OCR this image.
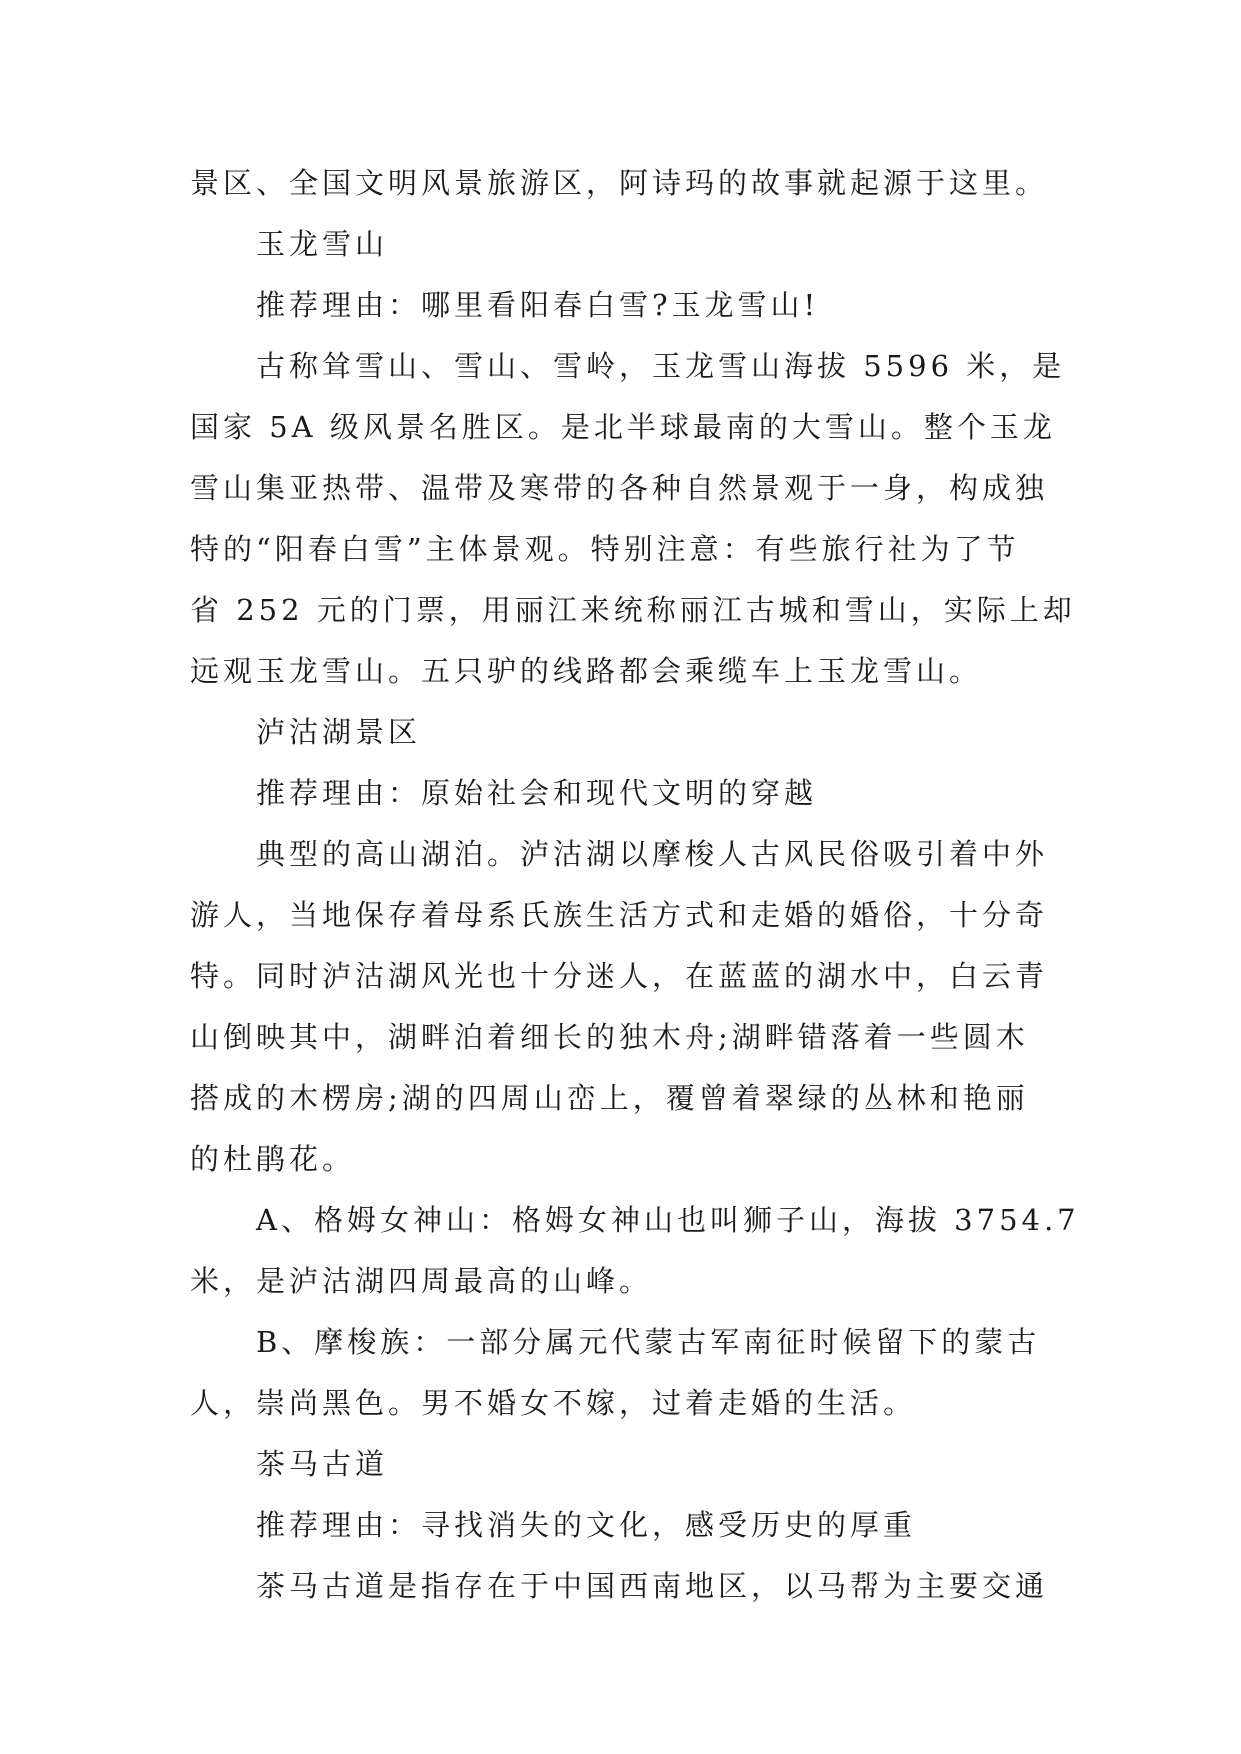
景区、全国文明风景旅游区，阿诗玛的故事就起源于这里。

玉龙雪山

推荐理由：哪里看阳春白雪?玉龙雪山!

古称耸雪山、雪山、雪岭，玉龙雪山海拔 5596 米，是

国家 5A 级风景名胜区。是北半球最南的大雪山。整个玉龙

雪山集亚热带、温带及寒带的各种自然景观于一身，构成独

特的“阳春白雪”主体景观。特别注意：有些旅行社为了节

省 252 元的门票，用丽江来统称丽江古城和雪山，实际上却

远观玉龙雪山。五只驴的线路都会乘缆车上玉龙雪山。

泸沽湖景区

推荐理由：原始社会和现代文明的穿越

典型的高山湖泊。泸沽湖以摩梭人古风民俗吸引着中外

游人，当地保存着母系氏族生活方式和走婚的婚俗，十分奇

特。同时泸沽湖风光也十分迷人，在蓝蓝的湖水中，白云青

山倒映其中，湖畔泊着细长的独木舟;湖畔错落着一些圆木

搭成的木楞房;湖的四周山峦上，覆曾着翠绿的丛林和艳丽

的杜鹃花。

A、格姆女神山：格姆女神山也叫狮子山，海拔 3754.7

米，是泸沽湖四周最高的山峰。

B、摩梭族：一部分属元代蒙古军南征时候留下的蒙古

人，崇尚黑色。男不婚女不嫁，过着走婚的生活。

茶马古道

推荐理由：寻找消失的文化，感受历史的厚重

茶马古道是指存在于中国西南地区，以马帮为主要交通
